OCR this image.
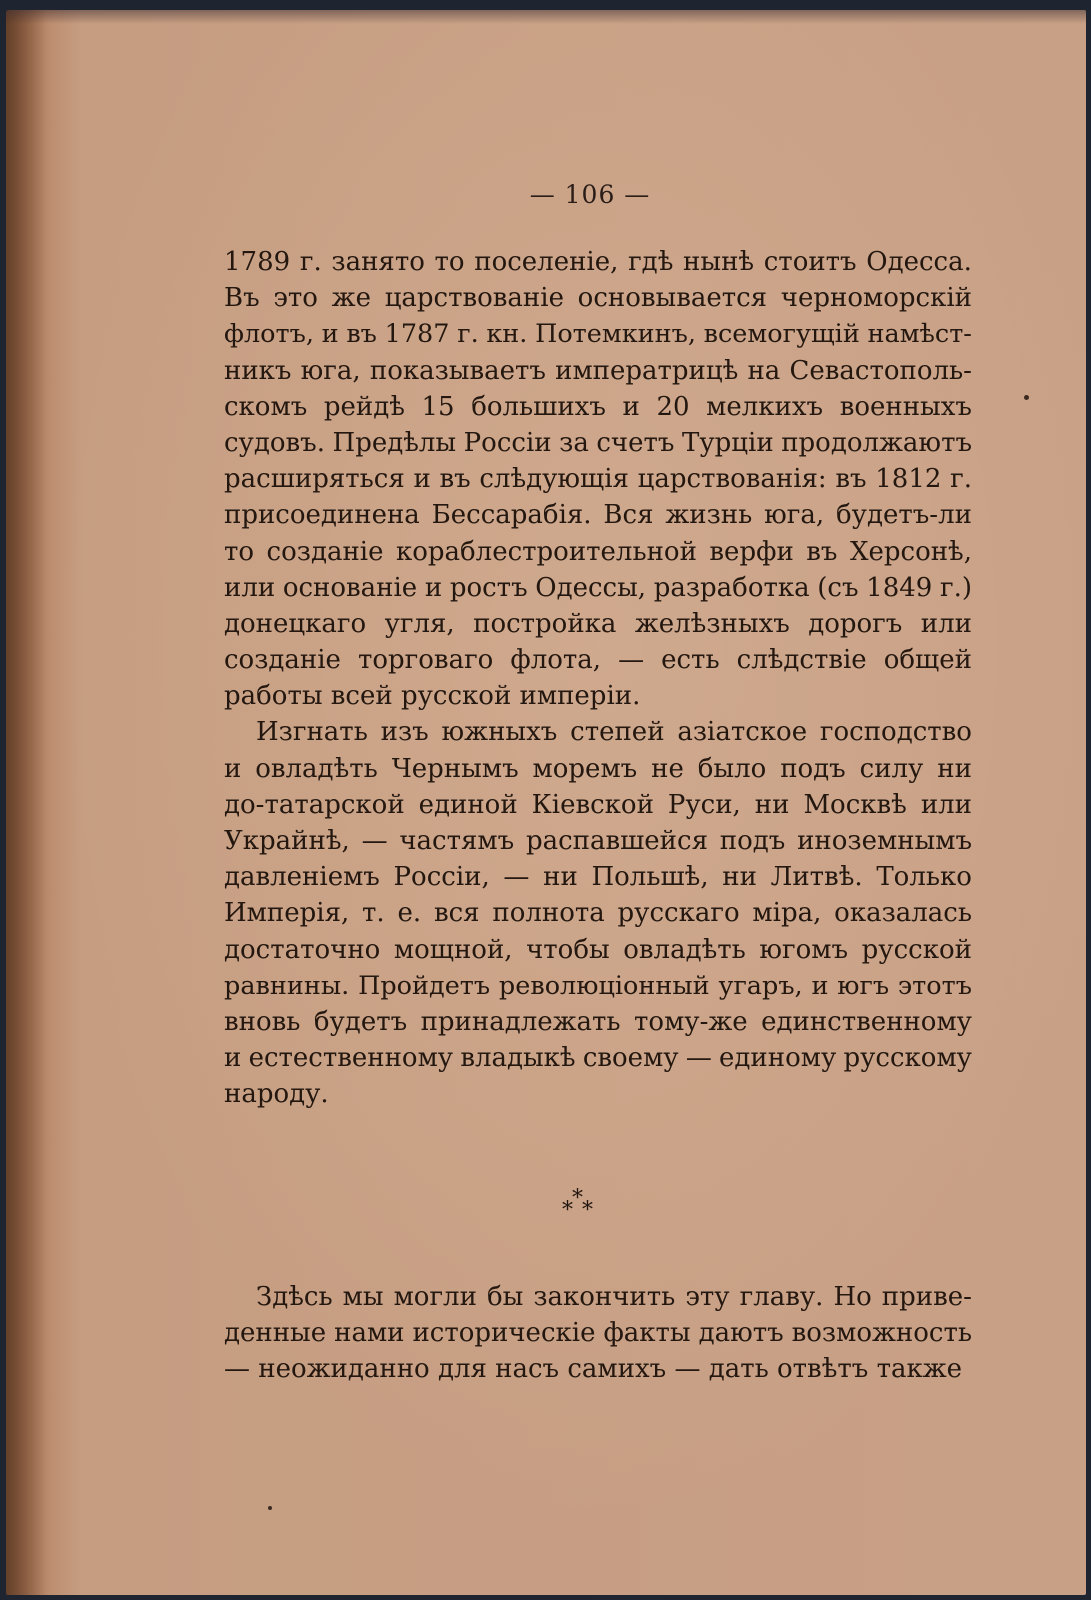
— 106 —
1789 г. занято то поселеніе, гдѣ нынѣ стоитъ Одесса.
Въ это же царствованіе основывается черноморскій
флотъ, и въ 1787 г. кн. Потемкинъ, всемогущій намѣст-
никъ юга, показываетъ императрицѣ на Севастополь-
скомъ рейдѣ 15 большихъ и 20 мелкихъ военныхъ
судовъ. Предѣлы Россіи за счетъ Турціи продолжаютъ
расширяться и въ слѣдующія царствованія: въ 1812 г.
присоединена Бессарабія. Вся жизнь юга, будетъ-ли
то созданіе кораблестроительной верфи въ Херсонѣ,
или основаніе и ростъ Одессы, разработка (съ 1849 г.)
донецкаго угля, постройка желѣзныхъ дорогъ или
созданіе торговаго флота, — есть слѣдствіе общей
работы всей русской имперіи.
Изгнать изъ южныхъ степей азіатское господство
и овладѣть Чернымъ моремъ не было подъ силу ни
до-татарской единой Кіевской Руси, ни Москвѣ или
Украйнѣ, — частямъ распавшейся подъ иноземнымъ
давленіемъ Россіи, — ни Польшѣ, ни Литвѣ. Только
Имперія, т. е. вся полнота русскаго міра, оказалась
достаточно мощной, чтобы овладѣть югомъ русской
равнины. Пройдетъ революціонный угаръ, и югъ этотъ
вновь будетъ принадлежать тому-же единственному
и естественному владыкѣ своему — единому русскому
народу.
*
* *
Здѣсь мы могли бы закончить эту главу. Но приве-
денные нами историческіе факты даютъ возможность
— неожиданно для насъ самихъ — дать отвѣтъ также
